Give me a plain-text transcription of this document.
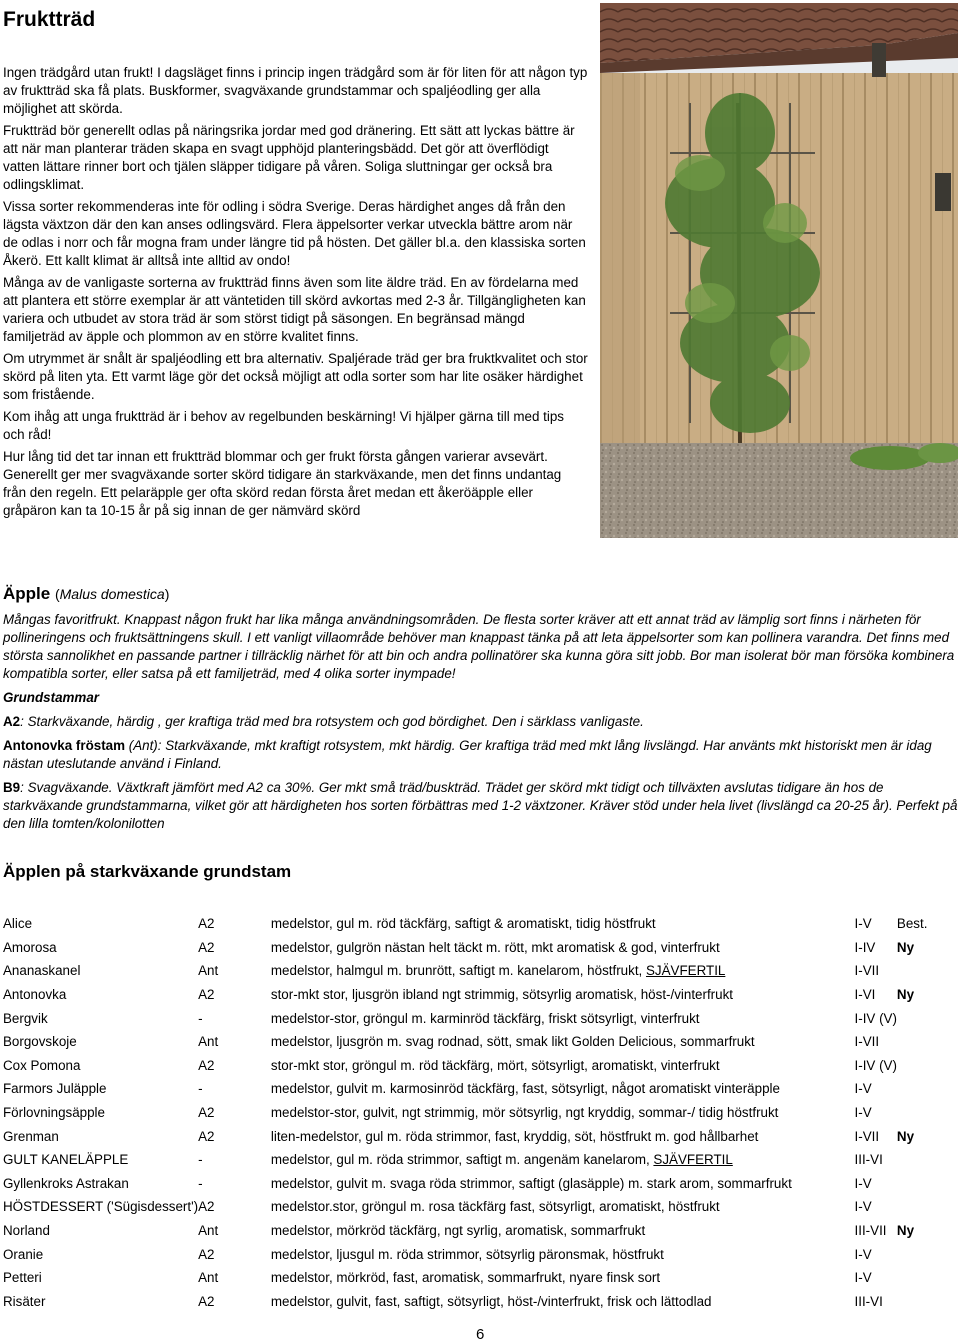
Fruktträd

Ingen trädgård utan frukt! I dagsläget finns i princip ingen trädgård som är för liten för att någon typ av fruktträd ska få plats. Buskformer, svagväxande grundstammar och spaljéodling ger alla möjlighet att skörda.

Fruktträd bör generellt odlas på näringsrika jordar med god dränering. Ett sätt att lyckas bättre är att när man planterar träden skapa en svagt upphöjd planteringsbädd. Det gör att överflödigt vatten lättare rinner bort och tjälen släpper tidigare på våren. Soliga sluttningar ger också bra odlingsklimat.

Vissa sorter rekommenderas inte för odling i södra Sverige. Deras härdighet anges då från den lägsta växtzon där den kan anses odlingsvärd. Flera äppelsorter verkar utveckla bättre arom när de odlas i norr och får mogna fram under längre tid på hösten. Det gäller bl.a. den klassiska sorten Åkerö. Ett kallt klimat är alltså inte alltid av ondo!

Många av de vanligaste sorterna av fruktträd finns även som lite äldre träd. En av fördelarna med att plantera ett större exemplar är att väntetiden till skörd avkortas med 2-3 år. Tillgängligheten kan variera och utbudet av stora träd är som störst tidigt på säsongen. En begränsad mängd familjeträd av äpple och plommon av en större kvalitet finns.

Om utrymmet är snålt är spaljéodling ett bra alternativ. Spaljérade träd ger bra fruktkvalitet och stor skörd på liten yta. Ett varmt läge gör det också möjligt att odla sorter som har lite osäker härdighet som fristående.

Kom ihåg att unga fruktträd är i behov av regelbunden beskärning! Vi hjälper gärna till med tips och råd!

Hur lång tid det tar innan ett fruktträd blommar och ger frukt första gången varierar avsevärt. Generellt ger mer svagväxande sorter skörd tidigare än starkväxande, men det finns undantag från den regeln. Ett pelaräpple ger ofta skörd redan första året medan ett åkeröäpple eller gråpäron kan ta 10-15 år på sig innan de ger nämvärd skörd

Äpple (Malus domestica)

Mångas favoritfrukt. Knappast någon frukt har lika många användningsområden. De flesta sorter kräver att ett annat träd av lämplig sort finns i närheten för pollineringens och fruktsättningens skull. I ett vanligt villaområde behöver man knappast tänka på att leta äppelsorter som kan pollinera varandra. Det finns med största sannolikhet en passande partner i tillräcklig närhet för att bin och andra pollinatörer ska kunna göra sitt jobb. Bor man isolerat bör man försöka kombinera kompatibla sorter, eller satsa på ett familjeträd, med 4 olika sorter inympade!

Grundstammar

A2: Starkväxande, härdig , ger kraftiga träd med bra rotsystem och god bördighet. Den i särklass vanligaste.

Antonovka fröstam (Ant): Starkväxande, mkt kraftigt rotsystem, mkt härdig. Ger kraftiga träd med mkt lång livslängd. Har använts mkt historiskt men är idag nästan uteslutande använd i Finland.

B9: Svagväxande. Växtkraft jämfört med A2 ca 30%. Ger mkt små träd/buskträd. Trädet ger skörd mkt tidigt och tillväxten avslutas tidigare än hos de starkväxande grundstammarna, vilket gör att härdigheten hos sorten förbättras med 1-2 växtzoner. Kräver stöd under hela livet (livslängd ca 20-25 år). Perfekt på den lilla tomten/kolonilotten

Äpplen på starkväxande grundstam
Alice	A2	medelstor, gul m. röd täckfärg, saftigt & aromatiskt, tidig höstfrukt	I-V	Best.
Amorosa	A2	medelstor, gulgrön nästan helt täckt m. rött, mkt aromatisk & god, vinterfrukt	I-IV	Ny
Ananaskanel	Ant	medelstor, halmgul m. brunrött, saftigt m. kanelarom, höstfrukt, SJÄVFERTIL	I-VII	
Antonovka	A2	stor-mkt stor, ljusgrön ibland ngt strimmig, sötsyrlig aromatisk, höst-/vinterfrukt	I-VI	Ny
Bergvik	-	medelstor-stor, gröngul m. karminröd täckfärg, friskt sötsyrligt, vinterfrukt	I-IV (V)	
Borgovskoje	Ant	medelstor, ljusgrön m. svag rodnad, sött, smak likt Golden Delicious, sommarfrukt	I-VII	
Cox Pomona	A2	stor-mkt stor, gröngul m. röd täckfärg, mört, sötsyrligt, aromatiskt, vinterfrukt	I-IV (V)	
Farmors Juläpple	-	medelstor, gulvit m. karmosinröd täckfärg, fast, sötsyrligt, något aromatiskt vinteräpple	I-V	
Förlovningsäpple	A2	medelstor-stor, gulvit, ngt strimmig, mör sötsyrlig, ngt kryddig, sommar-/ tidig höstfrukt	I-V	
Grenman	A2	liten-medelstor, gul m. röda strimmor, fast, kryddig, söt, höstfrukt m. god hållbarhet	I-VII	Ny
GULT KANELÄPPLE	-	medelstor, gul m. röda strimmor, saftigt m. angenäm kanelarom, SJÄVFERTIL	III-VI	
Gyllenkroks Astrakan	-	medelstor, gulvit m. svaga röda strimmor, saftigt (glasäpple) m. stark arom, sommarfrukt	I-V	
HÖSTDESSERT ('Sügisdessert')	A2	medelstor.stor, gröngul m. rosa täckfärg fast, sötsyrligt, aromatiskt, höstfrukt	I-V	
Norland	Ant	medelstor, mörkröd täckfärg, ngt syrlig, aromatisk, sommarfrukt	III-VII	Ny
Oranie	A2	medelstor, ljusgul m. röda strimmor, sötsyrlig päronsmak, höstfrukt	I-V	
Petteri	Ant	medelstor, mörkröd, fast, aromatisk, sommarfrukt, nyare finsk sort	I-V	
Risäter	A2	medelstor, gulvit, fast, saftigt, sötsyrligt, höst-/vinterfrukt, frisk och lättodlad	III-VI	
6
